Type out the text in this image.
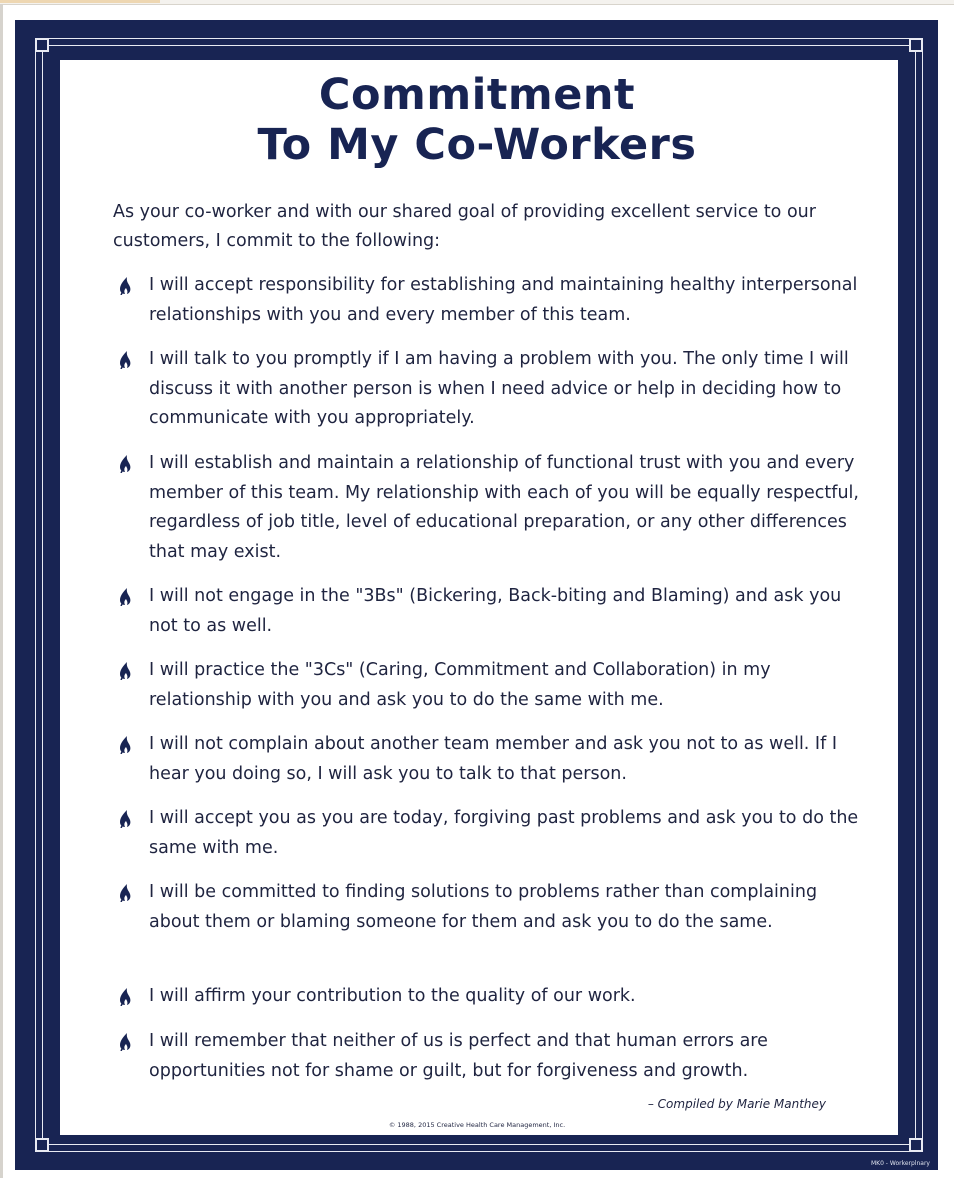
Commitment
To My Co-Workers
As your co-worker and with our shared goal of providing excellent service to our customers, I commit to the following:
I will accept responsibility for establishing and maintaining healthy interpersonal relationships with you and every member of this team.
I will talk to you promptly if I am having a problem with you. The only time I will discuss it with another person is when I need advice or help in deciding how to communicate with you appropriately.
I will establish and maintain a relationship of functional trust with you and every member of this team. My relationship with each of you will be equally respectful, regardless of job title, level of educational preparation, or any other differences that may exist.
I will not engage in the "3Bs" (Bickering, Back-biting and Blaming) and ask you not to as well.
I will practice the "3Cs" (Caring, Commitment and Collaboration) in my relationship with you and ask you to do the same with me.
I will not complain about another team member and ask you not to as well. If I hear you doing so, I will ask you to talk to that person.
I will accept you as you are today, forgiving past problems and ask you to do the same with me.
I will be committed to finding solutions to problems rather than complaining about them or blaming someone for them and ask you to do the same.
I will affirm your contribution to the quality of our work.
I will remember that neither of us is perfect and that human errors are opportunities not for shame or guilt, but for forgiveness and growth.
– Compiled by Marie Manthey
© 1988, 2015 Creative Health Care Management, Inc.
MK0 - Workerplnary
